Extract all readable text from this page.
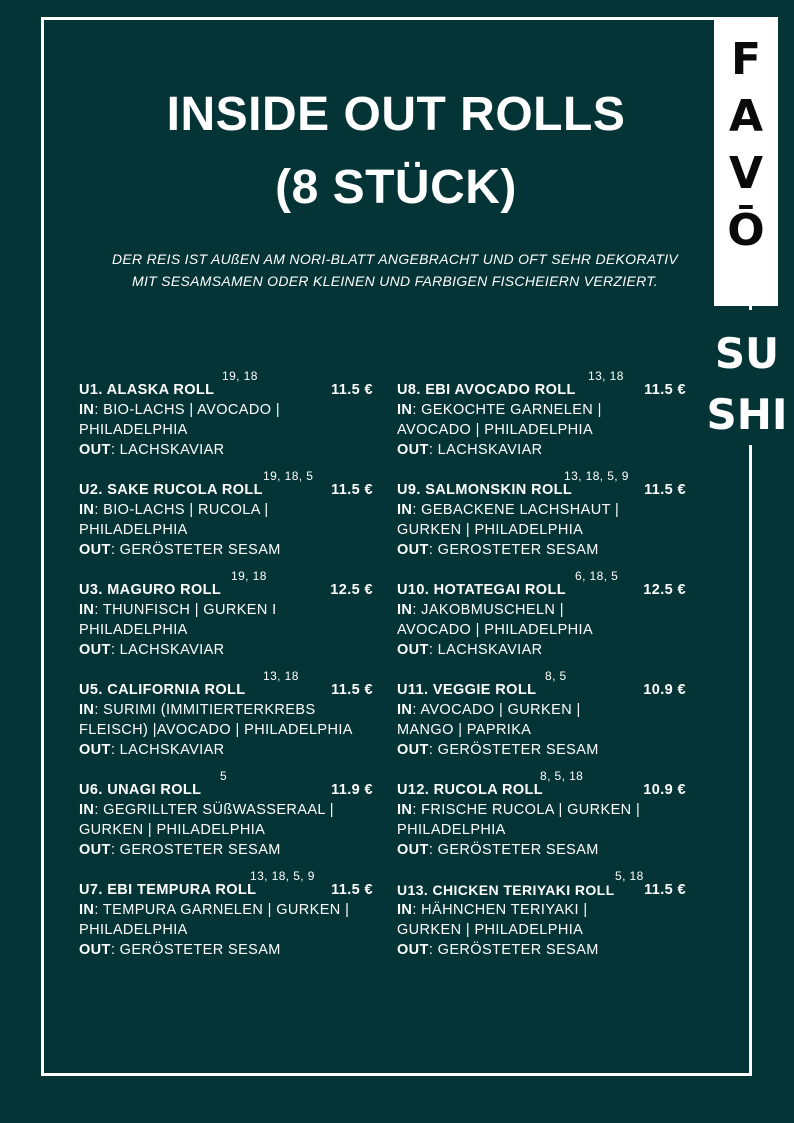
F
A
V
Ō
SU
SHI
INSIDE OUT ROLLS
(8 STÜCK)
DER REIS IST AUßEN AM NORI-BLATT ANGEBRACHT UND OFT SEHR DEKORATIV
MIT SESAMSAMEN ODER KLEINEN UND FARBIGEN FISCHEIERN VERZIERT.
U1. ALASKA ROLL
19, 18
11.5 €
IN: BIO-LACHS | AVOCADO |
PHILADELPHIA
OUT: LACHSKAVIAR
U2. SAKE RUCOLA ROLL
19, 18, 5
11.5 €
IN: BIO-LACHS | RUCOLA |
PHILADELPHIA
OUT: GERÖSTETER SESAM
U3. MAGURO ROLL
19, 18
12.5 €
IN: THUNFISCH | GURKEN I
PHILADELPHIA
OUT: LACHSKAVIAR
U5. CALIFORNIA ROLL
13, 18
11.5 €
IN: SURIMI (IMMITIERTERKREBS
FLEISCH) |AVOCADO | PHILADELPHIA
OUT: LACHSKAVIAR
U6. UNAGI ROLL
5
11.9 €
IN: GEGRILLTER SÜßWASSERAAL |
GURKEN | PHILADELPHIA
OUT: GEROSTETER SESAM
U7. EBI TEMPURA ROLL
13, 18, 5, 9
11.5 €
IN: TEMPURA GARNELEN | GURKEN |
PHILADELPHIA
OUT: GERÖSTETER SESAM
U8. EBI AVOCADO ROLL
13, 18
11.5 €
IN: GEKOCHTE GARNELEN |
AVOCADO | PHILADELPHIA
OUT: LACHSKAVIAR
U9. SALMONSKIN ROLL
13, 18, 5, 9
11.5 €
IN: GEBACKENE LACHSHAUT |
GURKEN | PHILADELPHIA
OUT: GEROSTETER SESAM
U10. HOTATEGAI ROLL
6, 18, 5
12.5 €
IN: JAKOBMUSCHELN |
AVOCADO | PHILADELPHIA
OUT: LACHSKAVIAR
U11. VEGGIE ROLL
8, 5
10.9 €
IN: AVOCADO | GURKEN |
MANGO | PAPRIKA
OUT: GERÖSTETER SESAM
U12. RUCOLA ROLL
8, 5, 18
10.9 €
IN: FRISCHE RUCOLA | GURKEN |
PHILADELPHIA
OUT: GERÖSTETER SESAM
U13. CHICKEN TERIYAKI ROLL
5, 18
11.5 €
IN: HÄHNCHEN TERIYAKI |
GURKEN | PHILADELPHIA
OUT: GERÖSTETER SESAM
